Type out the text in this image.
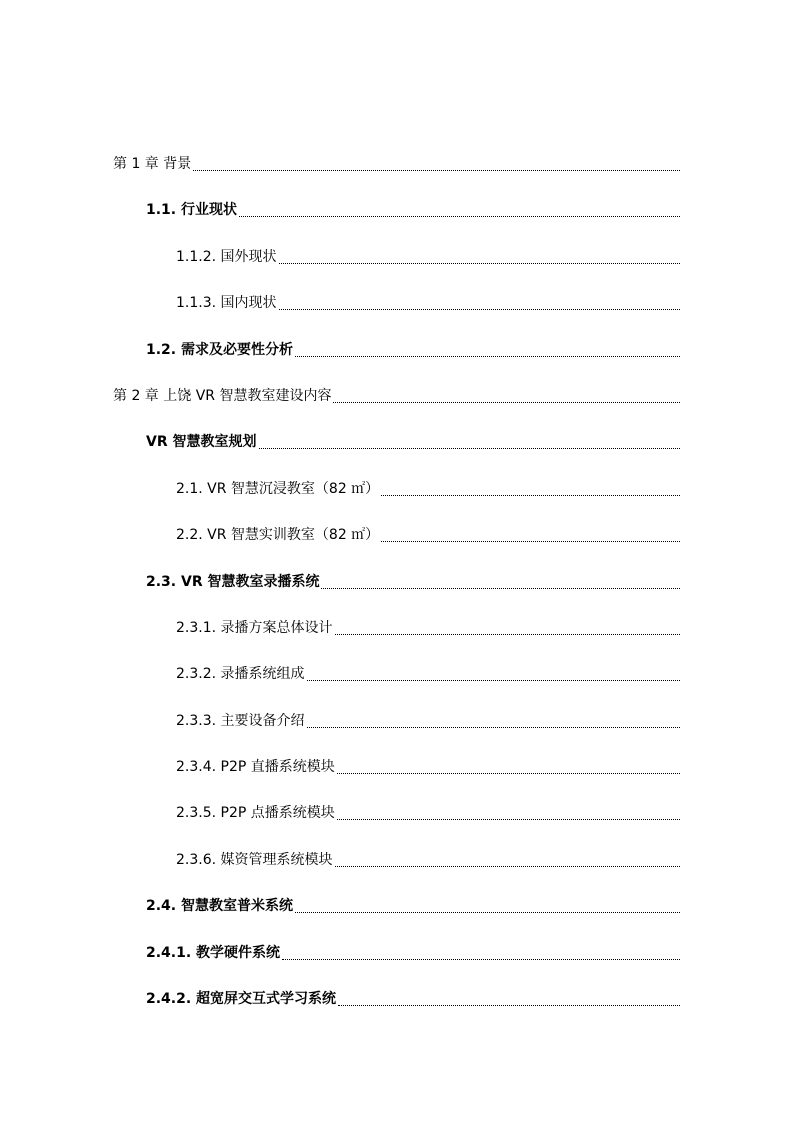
第 1 章 背景
1.1. 行业现状
1.1.2. 国外现状
1.1.3. 国内现状
1.2. 需求及必要性分析
第 2 章 上饶 VR 智慧教室建设内容
VR 智慧教室规划
2.1. VR 智慧沉浸教室（82 ㎡）
2.2. VR 智慧实训教室（82 ㎡）
2.3. VR 智慧教室录播系统
2.3.1. 录播方案总体设计
2.3.2. 录播系统组成
2.3.3. 主要设备介绍
2.3.4. P2P 直播系统模块
2.3.5. P2P 点播系统模块
2.3.6. 媒资管理系统模块
2.4. 智慧教室普米系统
2.4.1. 教学硬件系统
2.4.2. 超宽屏交互式学习系统
